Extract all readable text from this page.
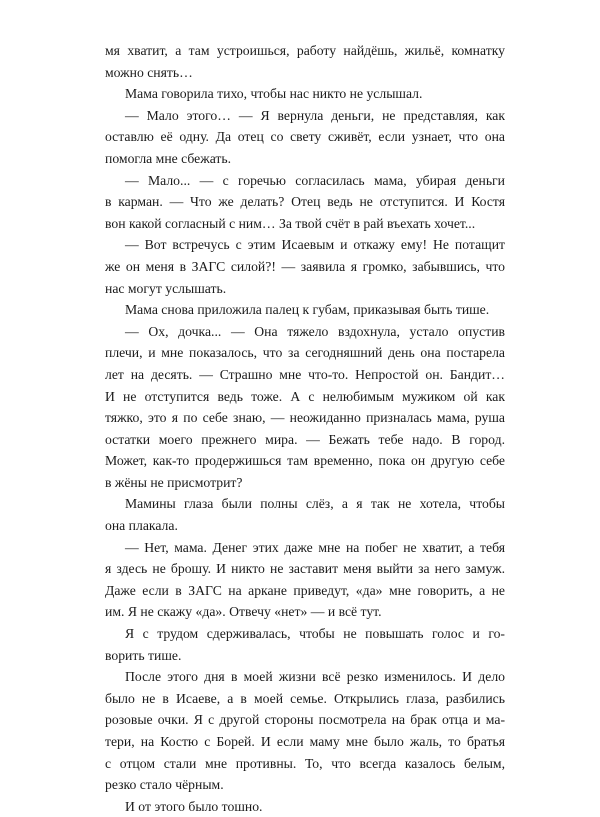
мя хватит, а там устроишься, работу найдёшь, жильё, комнатку
можно снять…
Мама говорила тихо, чтобы нас никто не услышал.
— Мало этого… — Я вернула деньги, не представляя, как
оставлю её одну. Да отец со свету сживёт, если узнает, что она
помогла мне сбежать.
— Мало... — с горечью согласилась мама, убирая деньги
в карман. — Что же делать? Отец ведь не отступится. И Костя
вон какой согласный с ним… За твой счёт в рай въехать хочет...
— Вот встречусь с этим Исаевым и откажу ему! Не потащит
же он меня в ЗАГС силой?! — заявила я громко, забывшись, что
нас могут услышать.
Мама снова приложила палец к губам, приказывая быть тише.
— Ох, дочка... — Она тяжело вздохнула, устало опустив
плечи, и мне показалось, что за сегодняшний день она постарела
лет на десять. — Страшно мне что-то. Непростой он. Бандит…
И не отступится ведь тоже. А с нелюбимым мужиком ой как
тяжко, это я по себе знаю, — неожиданно призналась мама, руша
остатки моего прежнего мира. — Бежать тебе надо. В город.
Может, как-то продержишься там временно, пока он другую себе
в жёны не присмотрит?
Мамины глаза были полны слёз, а я так не хотела, чтобы
она плакала.
— Нет, мама. Денег этих даже мне на побег не хватит, а тебя
я здесь не брошу. И никто не заставит меня выйти за него замуж.
Даже если в ЗАГС на аркане приведут, «да» мне говорить, а не
им. Я не скажу «да». Отвечу «нет» — и всё тут.
Я с трудом сдерживалась, чтобы не повышать голос и го-
ворить тише.
После этого дня в моей жизни всё резко изменилось. И дело
было не в Исаеве, а в моей семье. Открылись глаза, разбились
розовые очки. Я с другой стороны посмотрела на брак отца и ма-
тери, на Костю с Борей. И если маму мне было жаль, то братья
с отцом стали мне противны. То, что всегда казалось белым,
резко стало чёрным.
И от этого было тошно.
